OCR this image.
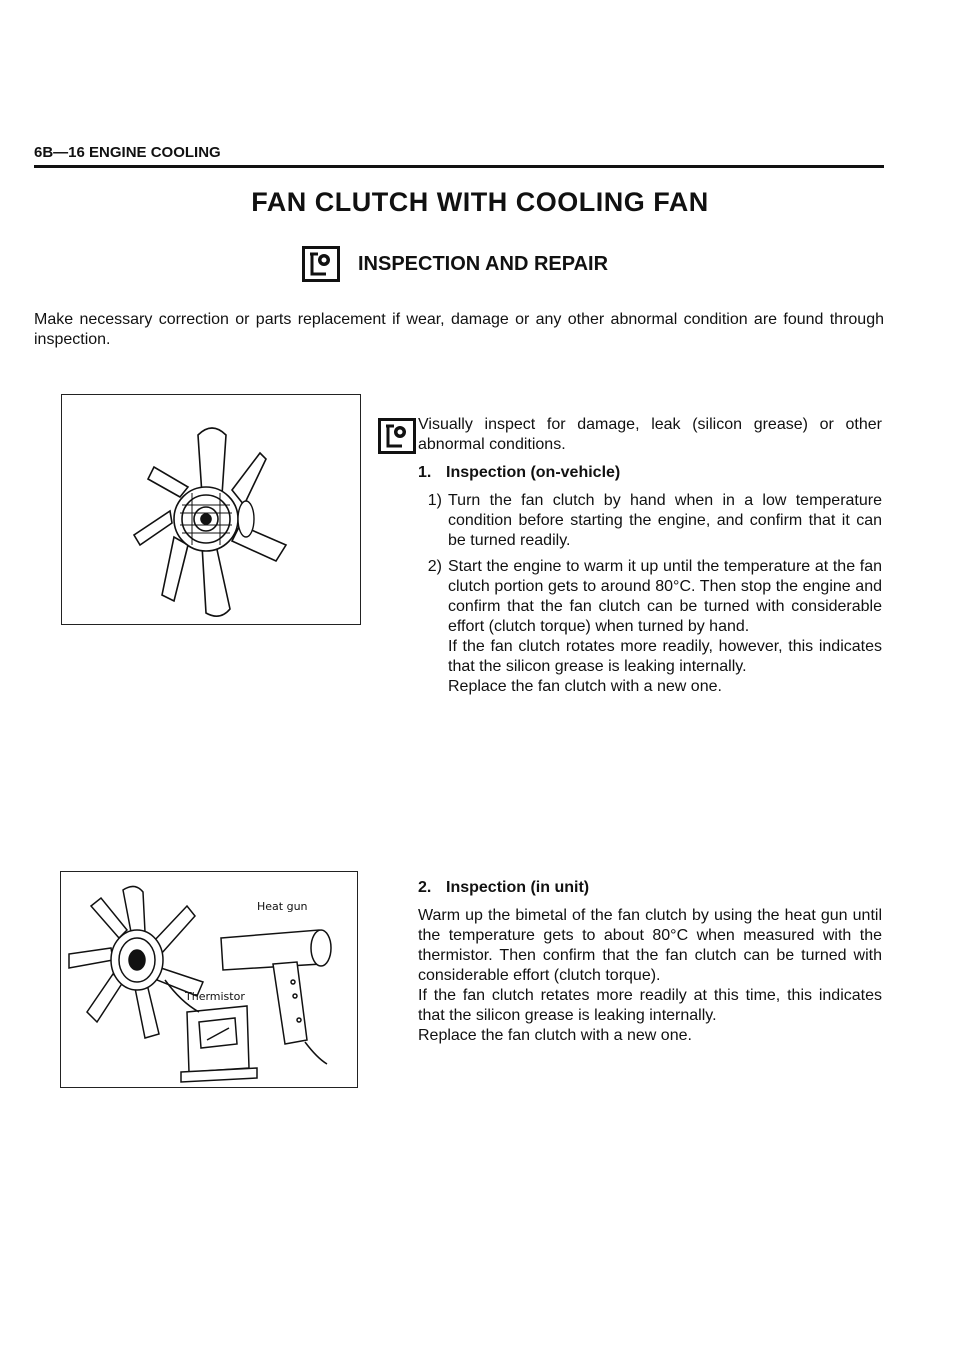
6B—16 ENGINE COOLING
FAN CLUTCH WITH COOLING FAN
INSPECTION AND REPAIR
Make necessary correction or parts replacement if wear, damage or any other abnormal condition are found through inspection.

Visually inspect for damage, leak (silicon grease) or other abnormal conditions.

1. Inspection (on-vehicle)

1) Turn the fan clutch by hand when in a low temperature condition before starting the engine, and confirm that it can be turned readily.
2) Start the engine to warm it up until the temperature at the fan clutch portion gets to around 80°C. Then stop the engine and confirm that the fan clutch can be turned with considerable effort (clutch torque) when turned by hand.

If the fan clutch rotates more readily, however, this indicates that the silicon grease is leaking internally.

Replace the fan clutch with a new one.

Heat gun
Thermistor

2. Inspection (in unit)

Warm up the bimetal of the fan clutch by using the heat gun until the temperature gets to about 80°C when measured with the thermistor. Then confirm that the fan clutch can be turned with considerable effort (clutch torque).

If the fan clutch retates more readily at this time, this indicates that the silicon grease is leaking internally.

Replace the fan clutch with a new one.
